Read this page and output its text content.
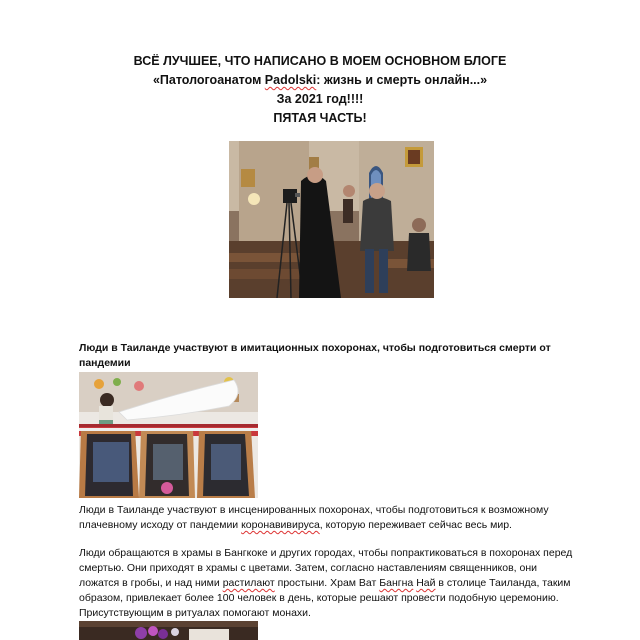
ВСЁ ЛУЧШЕЕ, ЧТО НАПИСАНО В МОЕМ ОСНОВНОМ БЛОГЕ
«Патологоанатом Padolski: жизнь и смерть онлайн...»
За 2021 год!!!!
ПЯТАЯ ЧАСТЬ!
Люди в Таиланде участвуют в имитационных похоронах, чтобы подготовиться смерти от пандемии
Люди в Таиланде участвуют в инсценированных похоронах, чтобы подготовиться к возможному плачевному исходу от пандемии коронавивируса, которую переживает сейчас весь мир.
Люди обращаются в храмы в Бангкоке и других городах, чтобы попрактиковаться в похоронах перед смертью. Они приходят в храмы с цветами. Затем, согласно наставлениям священников, они ложатся в гробы, и над ними растилают простыни. Храм Ват Бангна Най в столице Таиланда, таким образом, привлекает более 100 человек в день, которые решают провести подобную церемонию. Присутствующим в ритуалах помогают монахи.
